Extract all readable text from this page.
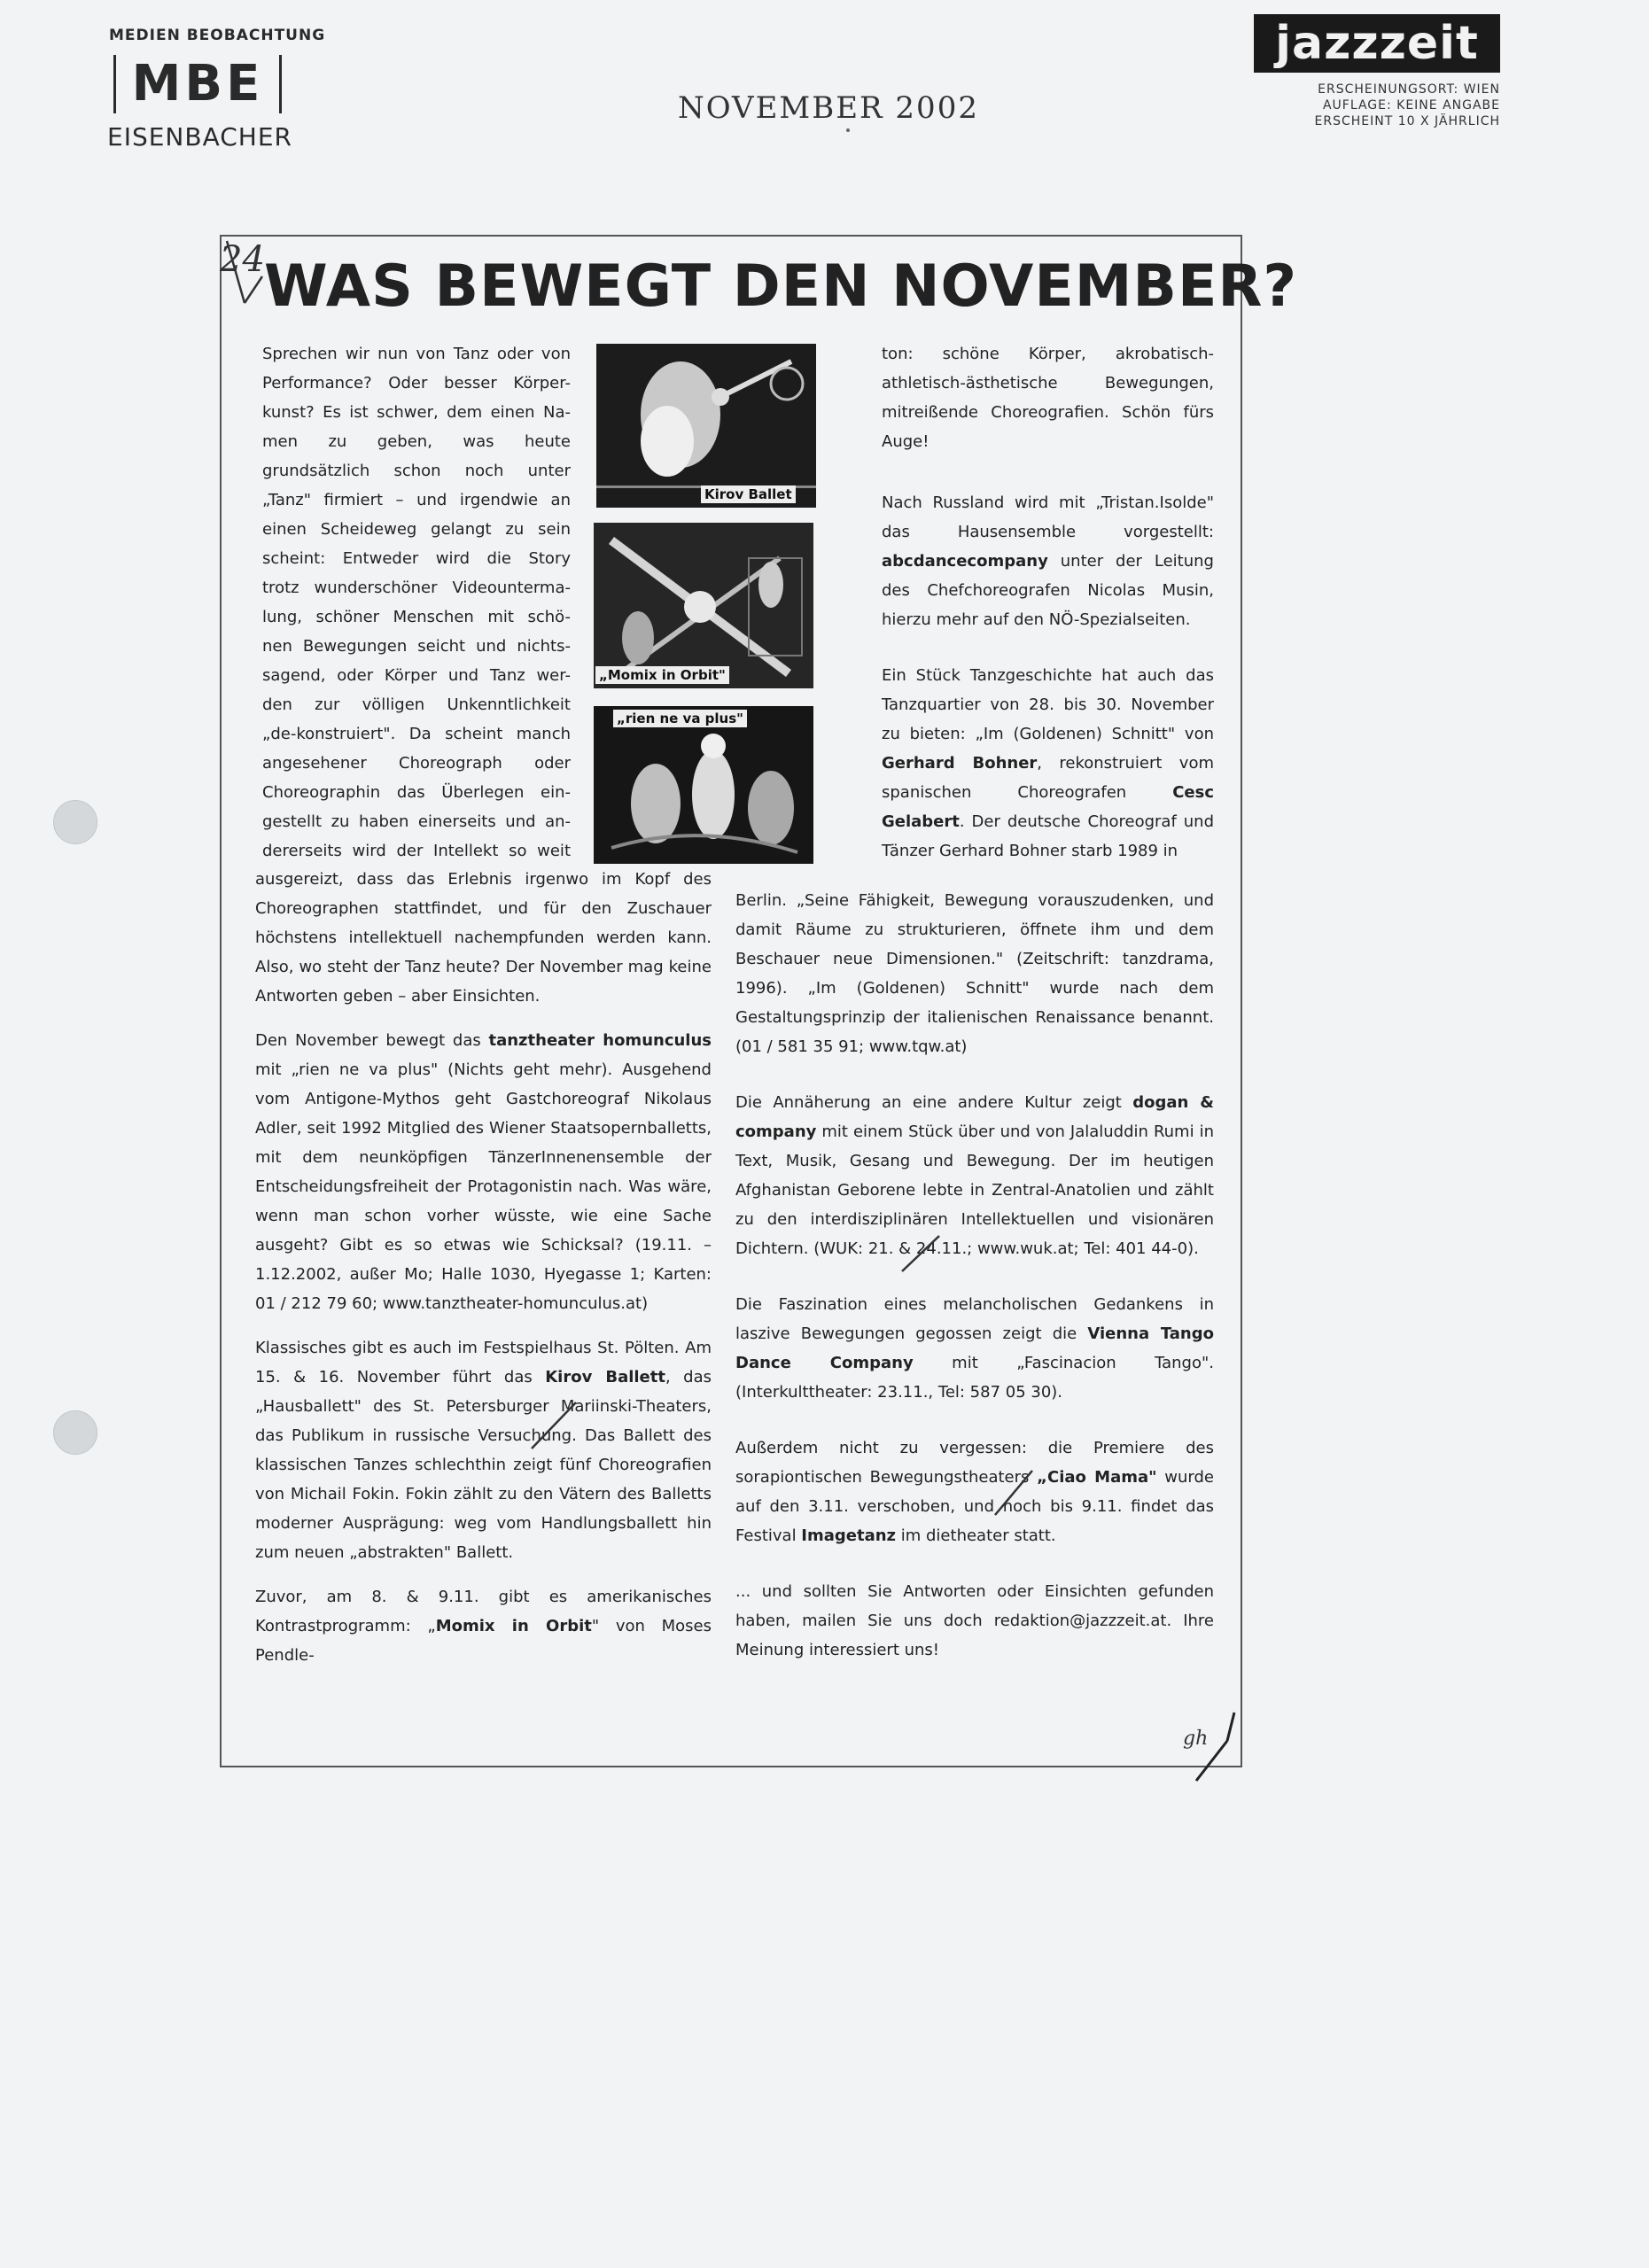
MEDIEN BEOBACHTUNG
MBE
EISENBACHER
NOVEMBER 2002
jazzzeit
ERSCHEINUNGSORT: WIEN
AUFLAGE: KEINE ANGABE
ERSCHEINT 10 X JÄHRLICH
24 WAS BEWEGT DEN NOVEMBER?
Kirov Ballet
„Momix in Orbit"
„rien ne va plus"
Sprechen wir nun von Tanz oder von
Performance? Oder besser Körper-
kunst? Es ist schwer, dem einen Na-
men zu geben, was heute
grundsätzlich schon noch unter
„Tanz" firmiert – und irgendwie an
einen Scheideweg gelangt zu sein
scheint: Entweder wird die Story
trotz wunderschöner Videounterma-
lung, schöner Menschen mit schö-
nen Bewegungen seicht und nichts-
sagend, oder Körper und Tanz wer-
den zur völligen Unkenntlichkeit
„de-konstruiert". Da scheint manch
angesehener Choreograph oder
Choreographin das Überlegen ein-
gestellt zu haben einerseits und an-
dererseits wird der Intellekt so weit

ausgereizt, dass das Erlebnis irgenwo im Kopf des Choreographen stattfindet, und für den Zuschauer höchstens intellektuell nachempfunden werden kann. Also, wo steht der Tanz heute? Der November mag keine Antworten geben – aber Einsichten.

Den November bewegt das tanztheater homunculus mit „rien ne va plus" (Nichts geht mehr). Ausgehend vom Antigone-Mythos geht Gastchoreograf Nikolaus Adler, seit 1992 Mitglied des Wiener Staatsopernballetts, mit dem neunköpfigen TänzerInnenensemble der Entscheidungsfreiheit der Protagonistin nach. Was wäre, wenn man schon vorher wüsste, wie eine Sache ausgeht? Gibt es so etwas wie Schicksal? (19.11. – 1.12.2002, außer Mo; Halle 1030, Hyegasse 1; Karten: 01 / 212 79 60; www.tanztheater-homunculus.at)

Klassisches gibt es auch im Festspielhaus St. Pölten. Am 15. & 16. November führt das Kirov Ballett, das „Hausballett" des St. Petersburger Mariinski-Theaters, das Publikum in russische Versuchung. Das Ballett des klassischen Tanzes schlechthin zeigt fünf Choreografien von Michail Fokin. Fokin zählt zu den Vätern des Balletts moderner Ausprägung: weg vom Handlungsballett hin zum neuen „abstrakten" Ballett.

Zuvor, am 8. & 9.11. gibt es amerikanisches Kontrastprogramm: „Momix in Orbit" von Moses Pendle-

ton: schöne Körper, akrobatisch-athletisch-ästhetische Bewegungen, mitreißende Choreografien. Schön fürs Auge!

Nach Russland wird mit „Tristan.Isolde" das Hausensemble vorgestellt: abcdancecompany unter der Leitung des Chefchoreografen Nicolas Musin, hierzu mehr auf den NÖ-Spezialseiten.

Ein Stück Tanzgeschichte hat auch das Tanzquartier von 28. bis 30. November zu bieten: „Im (Goldenen) Schnitt" von Gerhard Bohner, rekonstruiert vom spanischen Choreografen Cesc Gelabert. Der deutsche Choreograf und Tänzer Gerhard Bohner starb 1989 in

Berlin. „Seine Fähigkeit, Bewegung vorauszudenken, und damit Räume zu strukturieren, öffnete ihm und dem Beschauer neue Dimensionen." (Zeitschrift: tanzdrama, 1996). „Im (Goldenen) Schnitt" wurde nach dem Gestaltungsprinzip der italienischen Renaissance benannt. (01 / 581 35 91; www.tqw.at)

Die Annäherung an eine andere Kultur zeigt dogan & company mit einem Stück über und von Jalaluddin Rumi in Text, Musik, Gesang und Bewegung. Der im heutigen Afghanistan Geborene lebte in Zentral-Anatolien und zählt zu den interdisziplinären Intellektuellen und visionären Dichtern. (WUK: 21. & 24.11.; www.wuk.at; Tel: 401 44-0).

Die Faszination eines melancholischen Gedankens in laszive Bewegungen gegossen zeigt die Vienna Tango Dance Company mit „Fascinacion Tango". (Interkulttheater: 23.11., Tel: 587 05 30).

Außerdem nicht zu vergessen: die Premiere des sorapiontischen Bewegungstheaters „Ciao Mama" wurde auf den 3.11. verschoben, und noch bis 9.11. findet das Festival Imagetanz im dietheater statt.

... und sollten Sie Antworten oder Einsichten gefunden haben, mailen Sie uns doch redaktion@jazzzeit.at. Ihre Meinung interessiert uns!

gh
